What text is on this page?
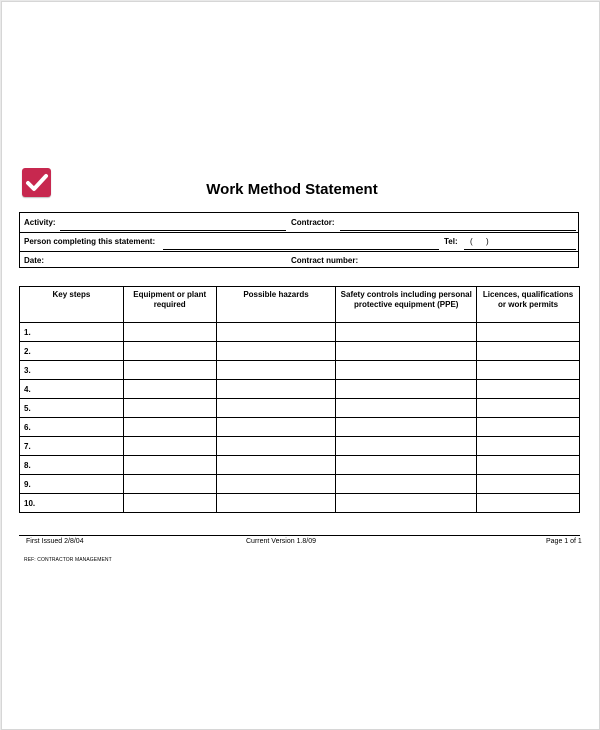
Work Method Statement
Activity:	Contractor:
Person completing this statement:	Tel: ( )
Date:	Contract number:
Key steps	Equipment or plant required	Possible hazards	Safety controls including personal protective equipment (PPE)	Licences, qualifications or work permits
1.				
2.				
3.				
4.				
5.				
6.				
7.				
8.				
9.				
10.				
First Issued 2/8/04	Current Version 1.8/09	Page 1 of 1
REF: CONTRACTOR MANAGEMENT
